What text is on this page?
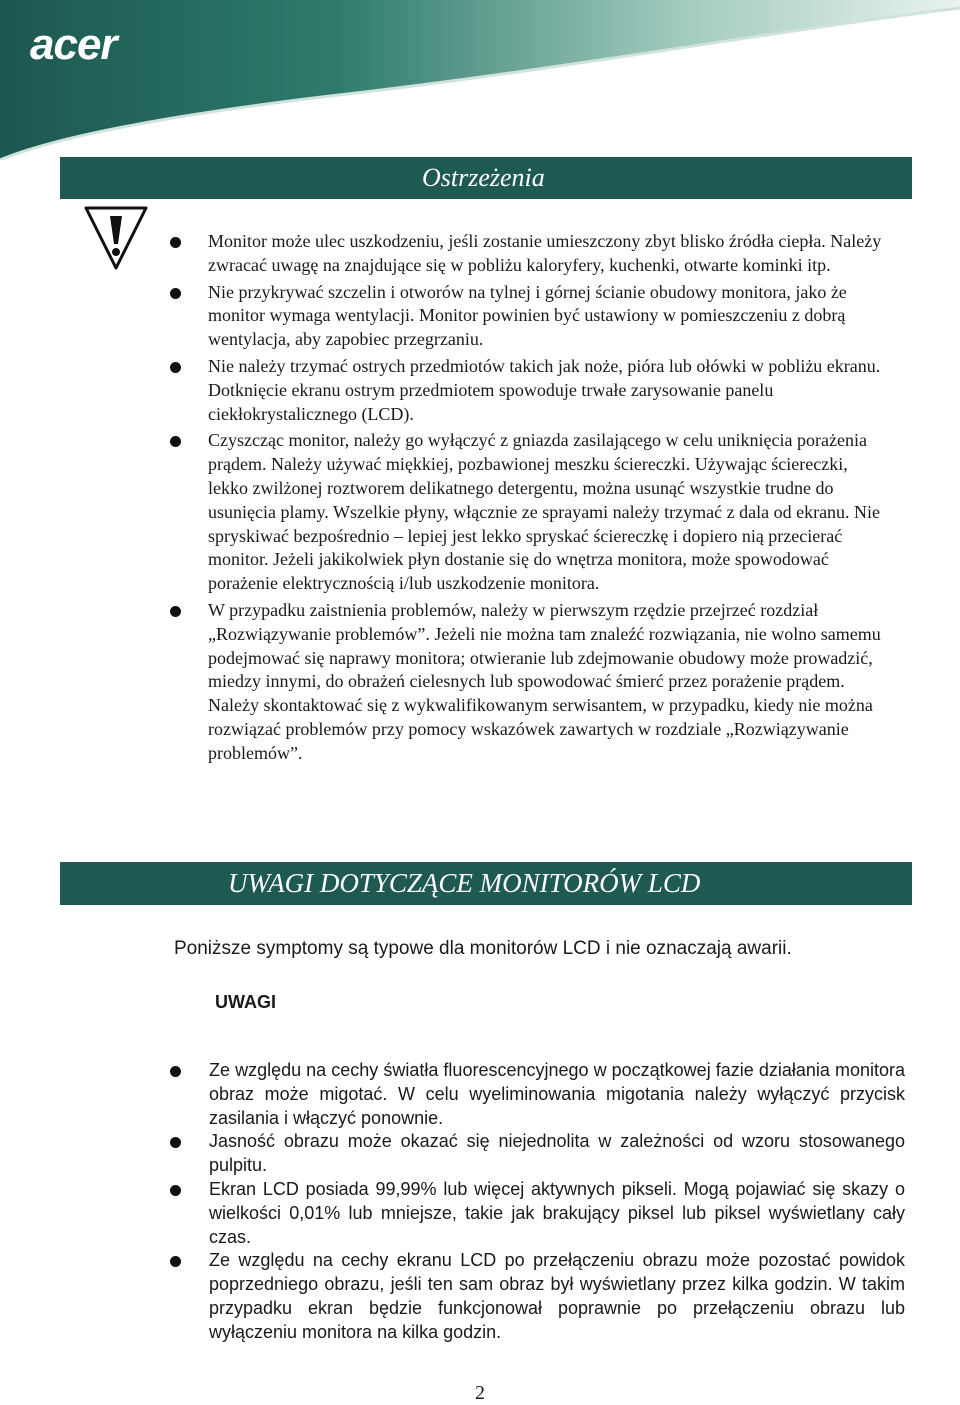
acer
Ostrzeżenia
Monitor może ulec uszkodzeniu, jeśli zostanie umieszczony zbyt blisko źródła ciepła. Należy zwracać uwagę na znajdujące się w pobliżu kaloryfery, kuchenki, otwarte kominki itp.
Nie przykrywać szczelin i otworów na tylnej i górnej ścianie obudowy monitora, jako że monitor wymaga wentylacji. Monitor powinien być ustawiony w pomieszczeniu z dobrą wentylacja, aby zapobiec przegrzaniu.
Nie należy trzymać ostrych przedmiotów takich jak noże, pióra lub ołówki w pobliżu ekranu. Dotknięcie ekranu ostrym przedmiotem spowoduje trwałe zarysowanie panelu ciekłokrystalicznego (LCD).
Czyszcząc monitor, należy go wyłączyć z gniazda zasilającego w celu uniknięcia porażenia prądem. Należy używać miękkiej, pozbawionej meszku ściereczki. Używając ściereczki, lekko zwilżonej roztworem delikatnego detergentu, można usunąć wszystkie trudne do usunięcia plamy. Wszelkie płyny, włącznie ze sprayami należy trzymać z dala od ekranu. Nie spryskiwać bezpośrednio – lepiej jest lekko spryskać ściereczkę i dopiero nią przecierać monitor. Jeżeli jakikolwiek płyn dostanie się do wnętrza monitora, może spowodować porażenie elektrycznością i/lub uszkodzenie monitora.
W przypadku zaistnienia problemów, należy w pierwszym rzędzie przejrzeć rozdział „Rozwiązywanie problemów”. Jeżeli nie można tam znaleźć rozwiązania, nie wolno samemu podejmować się naprawy monitora; otwieranie lub zdejmowanie obudowy może prowadzić, miedzy innymi, do obrażeń cielesnych lub spowodować śmierć przez porażenie prądem. Należy skontaktować się z wykwalifikowanym serwisantem, w przypadku, kiedy nie można rozwiązać problemów przy pomocy wskazówek zawartych w rozdziale „Rozwiązywanie problemów”.
UWAGI DOTYCZĄCE MONITORÓW LCD
Poniższe symptomy są typowe dla monitorów LCD i nie oznaczają awarii.
UWAGI
Ze względu na cechy światła fluorescencyjnego w początkowej fazie działania monitora obraz może migotać. W celu wyeliminowania migotania należy wyłączyć przycisk zasilania i włączyć ponownie.
Jasność obrazu może okazać się niejednolita w zależności od wzoru stosowanego pulpitu.
Ekran LCD posiada 99,99% lub więcej aktywnych pikseli. Mogą pojawiać się skazy o wielkości 0,01% lub mniejsze, takie jak brakujący piksel lub piksel wyświetlany cały czas.
Ze względu na cechy ekranu LCD po przełączeniu obrazu może pozostać powidok poprzedniego obrazu, jeśli ten sam obraz był wyświetlany przez kilka godzin. W takim przypadku ekran będzie funkcjonował poprawnie po przełączeniu obrazu lub wyłączeniu monitora na kilka godzin.
2
